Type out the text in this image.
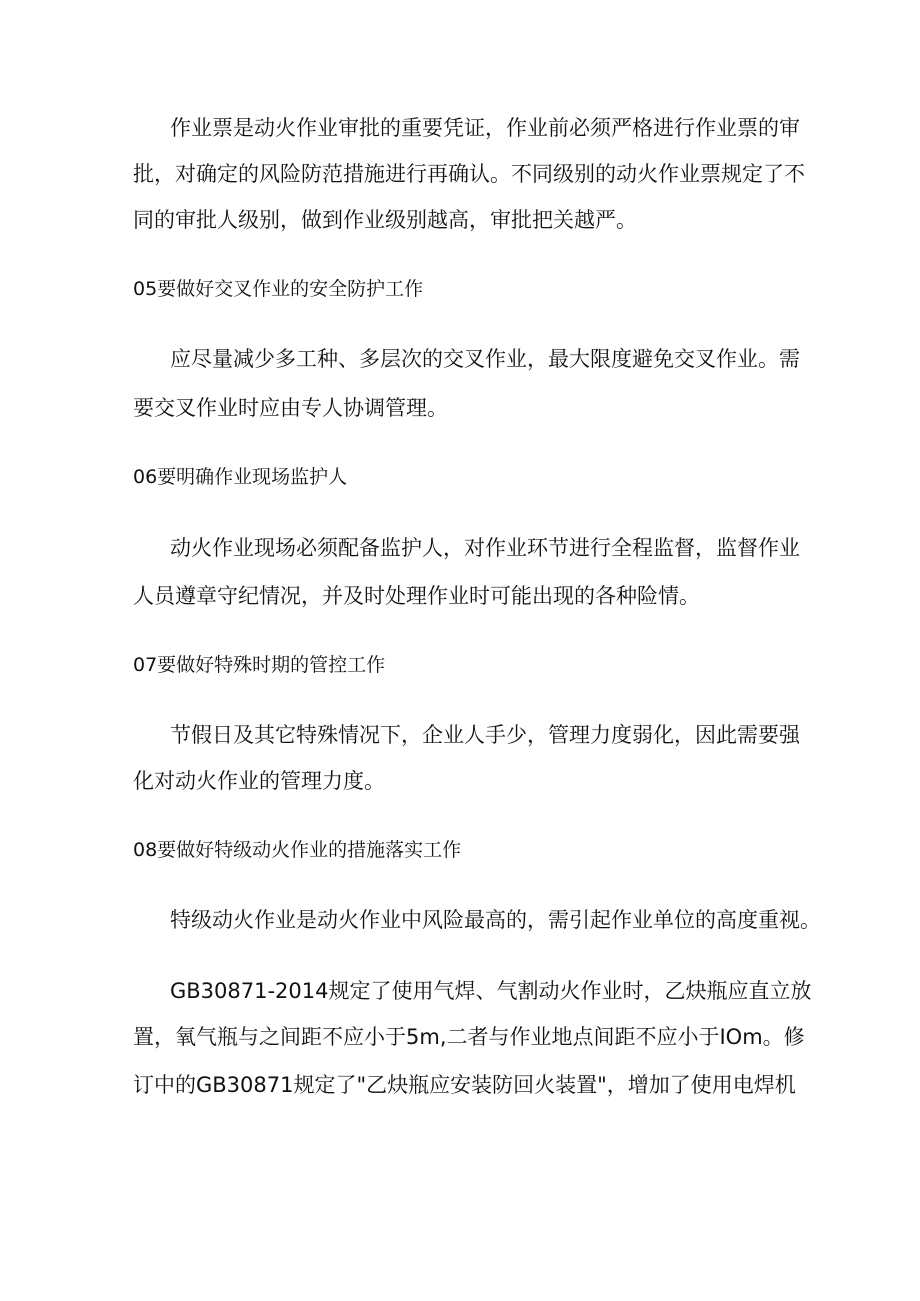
作业票是动火作业审批的重要凭证，作业前必须严格进行作业票的审
批，对确定的风险防范措施进行再确认。不同级别的动火作业票规定了不
同的审批人级别，做到作业级别越高，审批把关越严。
05要做好交叉作业的安全防护工作
应尽量减少多工种、多层次的交叉作业，最大限度避免交叉作业。需
要交叉作业时应由专人协调管理。
06要明确作业现场监护人
动火作业现场必须配备监护人，对作业环节进行全程监督，监督作业
人员遵章守纪情况，并及时处理作业时可能出现的各种险情。
07要做好特殊时期的管控工作
节假日及其它特殊情况下，企业人手少，管理力度弱化，因此需要强
化对动火作业的管理力度。
08要做好特级动火作业的措施落实工作
特级动火作业是动火作业中风险最高的，需引起作业单位的高度重视。
GB30871-2014规定了使用气焊、气割动火作业时，乙炔瓶应直立放
置，氧气瓶与之间距不应小于5m,二者与作业地点间距不应小于IOm。修
订中的GB30871规定了"乙炔瓶应安装防回火装置"，增加了使用电焊机
